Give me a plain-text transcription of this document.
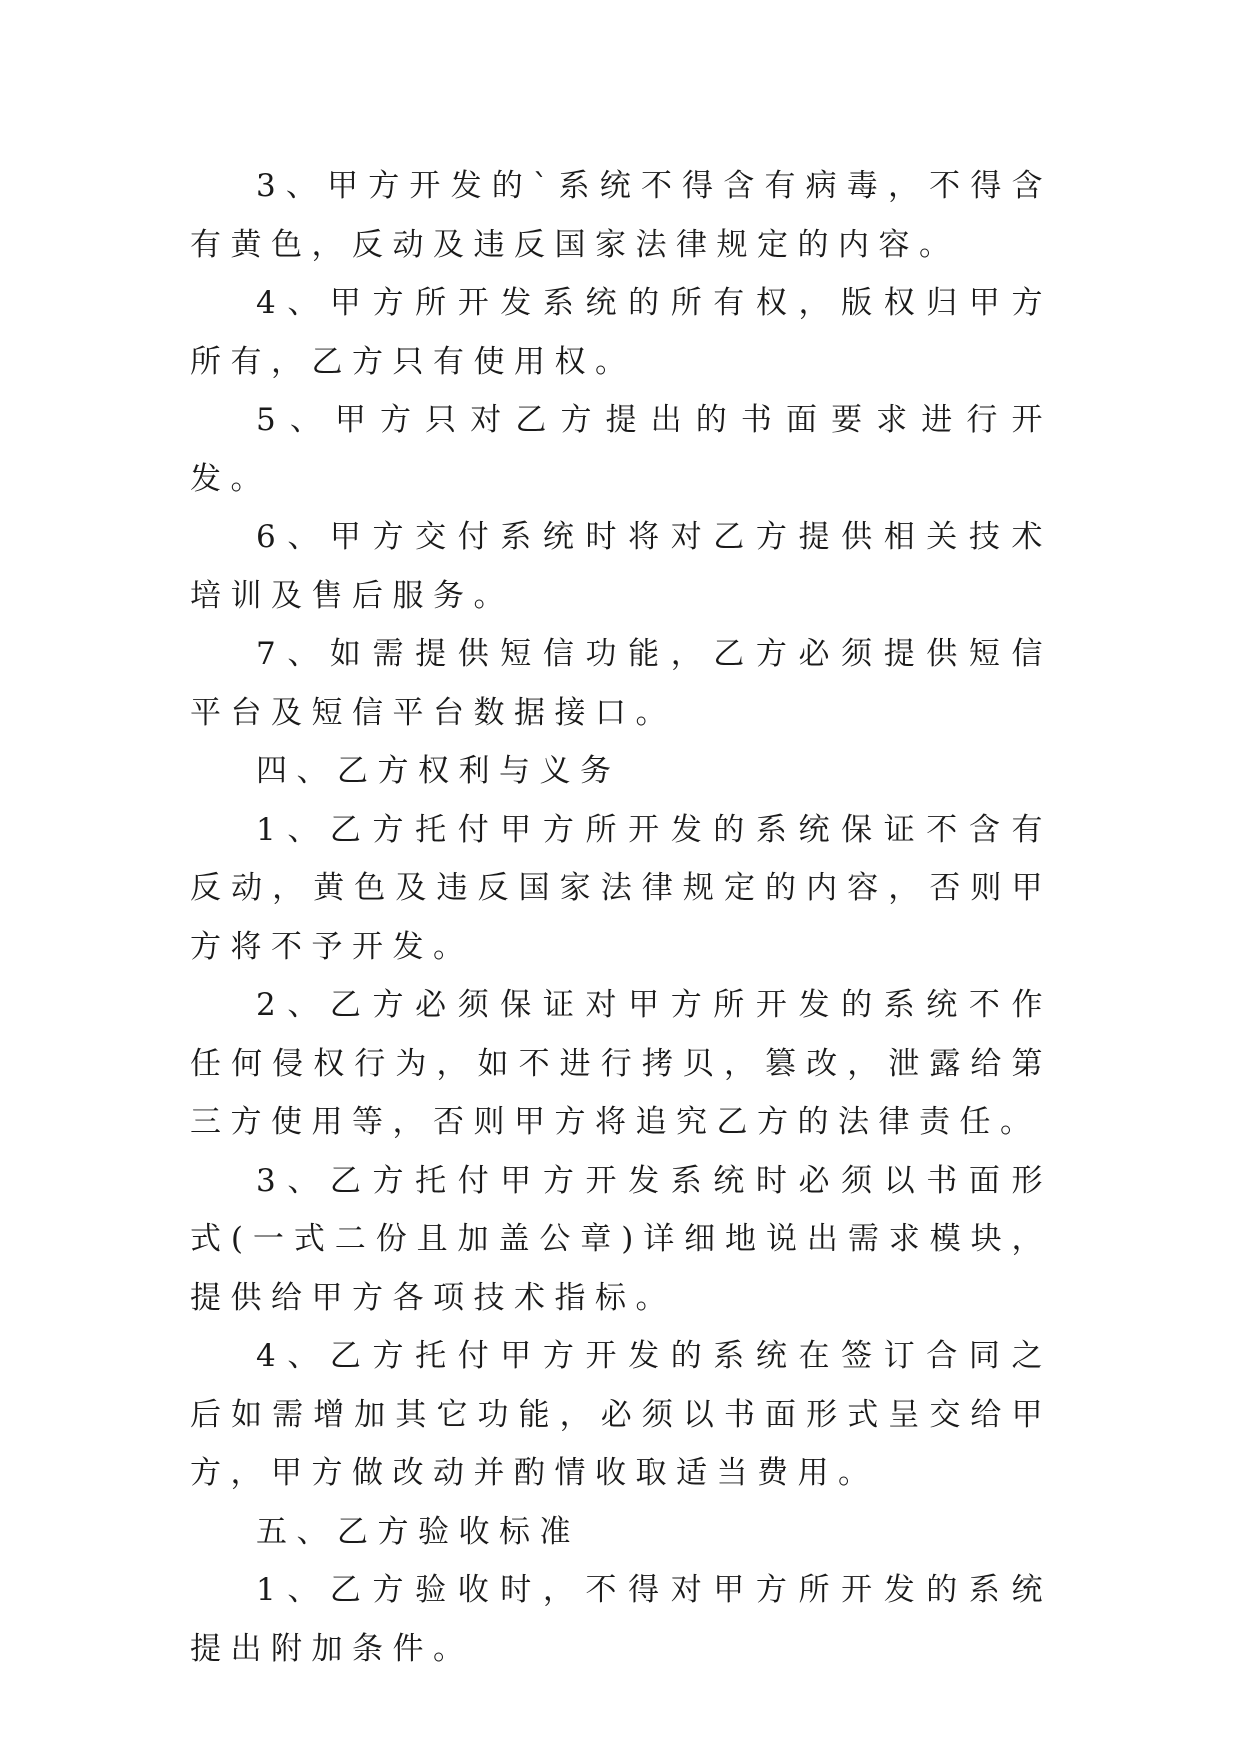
3、甲方开发的`系统不得含有病毒，不得含有黄色，反动及违反国家法律规定的内容。

4、甲方所开发系统的所有权，版权归甲方所有，乙方只有使用权。

5、甲方只对乙方提出的书面要求进行开发。

6、甲方交付系统时将对乙方提供相关技术培训及售后服务。

7、如需提供短信功能，乙方必须提供短信平台及短信平台数据接口。

四、乙方权利与义务

1、乙方托付甲方所开发的系统保证不含有反动，黄色及违反国家法律规定的内容，否则甲方将不予开发。

2、乙方必须保证对甲方所开发的系统不作任何侵权行为，如不进行拷贝，篡改，泄露给第三方使用等，否则甲方将追究乙方的法律责任。

3、乙方托付甲方开发系统时必须以书面形式(一式二份且加盖公章)详细地说出需求模块，提供给甲方各项技术指标。

4、乙方托付甲方开发的系统在签订合同之后如需增加其它功能，必须以书面形式呈交给甲方，甲方做改动并酌情收取适当费用。

五、乙方验收标准

1、乙方验收时，不得对甲方所开发的系统提出附加条件。
